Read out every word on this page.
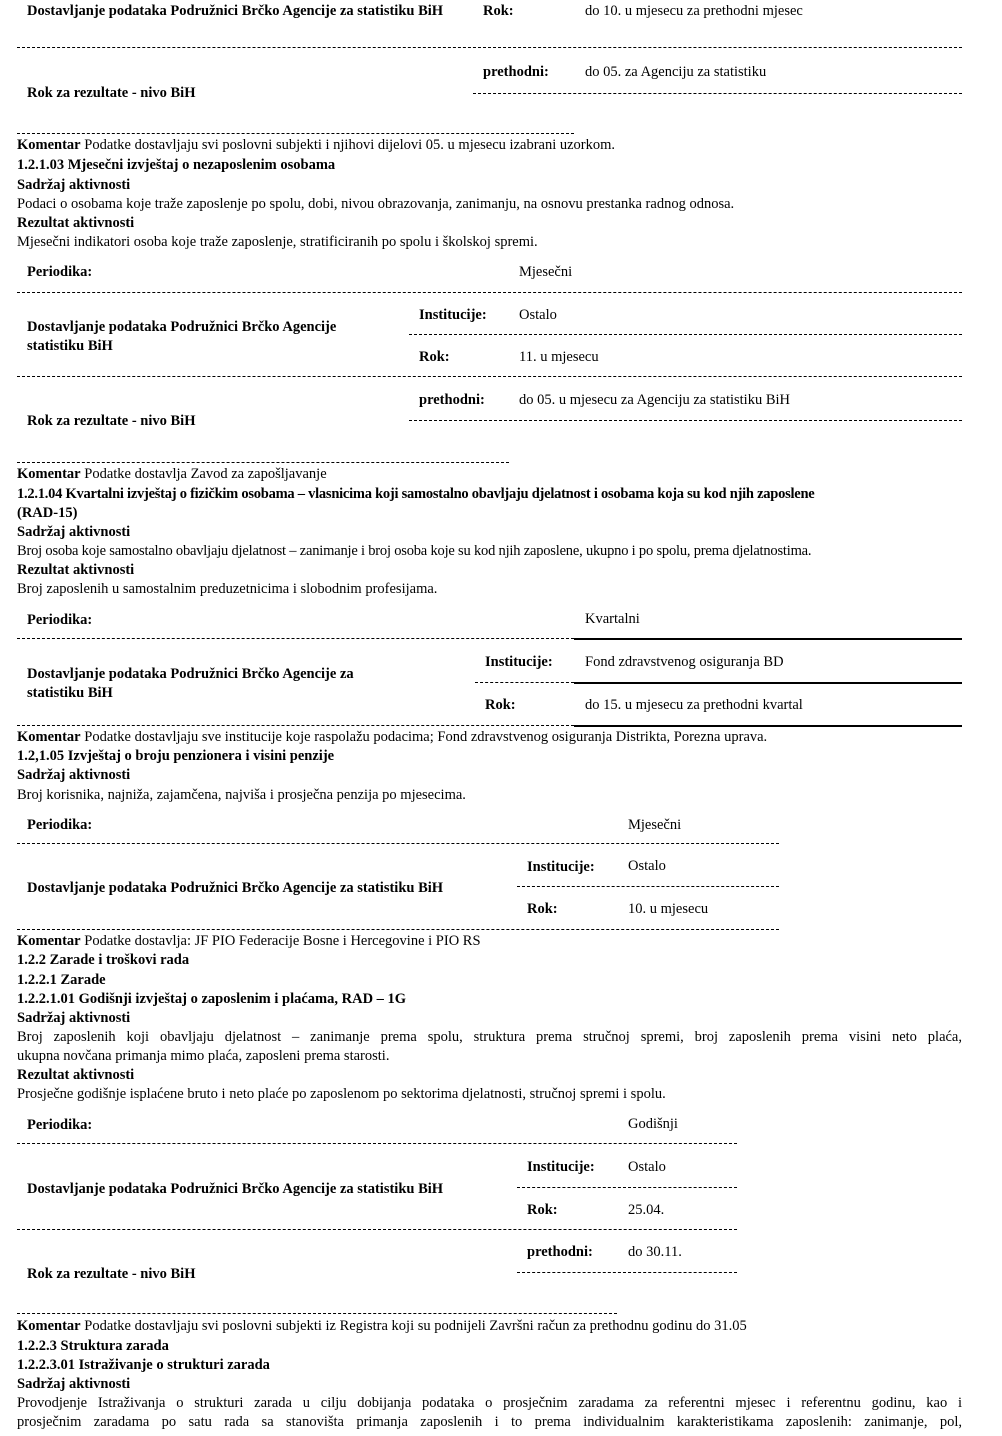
Dostavljanje podataka Podružnici Brčko Agencije za statistiku BiH	Rok:	do 10. u mjesecu za prethodni mjesec
prethodni: do 05. za Agenciju za statistiku
Rok za rezultate - nivo BiH
Komentar Podatke dostavljaju svi poslovni subjekti i njihovi dijelovi 05. u mjesecu izabrani uzorkom.
1.2.1.03 Mjesečni izvještaj o nezaposlenim osobama
Sadržaj aktivnosti
Podaci o osobama koje traže zaposlenje po spolu, dobi, nivou obrazovanja, zanimanju, na osnovu prestanka radnog odnosa.
Rezultat aktivnosti
Mjesečni indikatori osoba koje traže zaposlenje, stratificiranih po spolu i školskoj spremi.
Periodika:	Mjesečni
Institucije: Ostalo
Dostavljanje podataka Podružnici Brčko Agencije
statistiku BiH
Rok:	11. u mjesecu
prethodni: do 05. u mjesecu za Agenciju za statistiku BiH
Rok za rezultate - nivo BiH
Komentar Podatke dostavlja Zavod za zapošljavanje
1.2.1.04 Kvartalni izvještaj o fizičkim osobama – vlasnicima koji samostalno obavljaju djelatnost i osobama koja su kod njih zaposlene
(RAD-15)
Sadržaj aktivnosti
Broj osoba koje samostalno obavljaju djelatnost – zanimanje i broj osoba koje su kod njih zaposlene, ukupno i po spolu, prema djelatnostima.
Rezultat aktivnosti
Broj zaposlenih u samostalnim preduzetnicima i slobodnim profesijama.
Periodika:	Kvartalni
Institucije: Fond zdravstvenog osiguranja BD
Dostavljanje podataka Podružnici Brčko Agencije za
statistiku BiH
Rok:	do 15. u mjesecu za prethodni kvartal
Komentar Podatke dostavljaju sve institucije koje raspolažu podacima; Fond zdravstvenog osiguranja Distrikta, Porezna uprava.
1.2,1.05 Izvještaj o broju penzionera i visini penzije
Sadržaj aktivnosti
Broj korisnika, najniža, zajamčena, najviša i prosječna penzija po mjesecima.
Periodika:	Mjesečni
Institucije: Ostalo
Dostavljanje podataka Podružnici Brčko Agencije za statistiku BiH
Rok:	10. u mjesecu
Komentar Podatke dostavlja: JF PIO Federacije Bosne i Hercegovine i PIO RS
1.2.2 Zarade i troškovi rada
1.2.2.1 Zarade
1.2.2.1.01 Godišnji izvještaj o zaposlenim i plaćama, RAD – 1G
Sadržaj aktivnosti
Broj zaposlenih koji obavljaju djelatnost – zanimanje prema spolu, struktura prema stručnoj spremi, broj zaposlenih prema visini neto plaća,
ukupna novčana primanja mimo plaća, zaposleni prema starosti.
Rezultat aktivnosti
Prosječne godišnje isplaćene bruto i neto plaće po zaposlenom po sektorima djelatnosti, stručnoj spremi i spolu.
Periodika:	Godišnji
Institucije: Ostalo
Dostavljanje podataka Podružnici Brčko Agencije za statistiku BiH
Rok:	25.04.
prethodni: do 30.11.
Rok za rezultate - nivo BiH
Komentar Podatke dostavljaju svi poslovni subjekti iz Registra koji su podnijeli Završni račun za prethodnu godinu do 31.05
1.2.2.3 Struktura zarada
1.2.2.3.01 Istraživanje o strukturi zarada
Sadržaj aktivnosti
Provodjenje Istraživanja o strukturi zarada u cilju dobijanja podataka o prosječnim zaradama za referentni mjesec i referentnu godinu, kao i
prosječnim zaradama po satu rada sa stanovišta primanja zaposlenih i to prema individualnim karakteristikama zaposlenih: zanimanje, pol,
